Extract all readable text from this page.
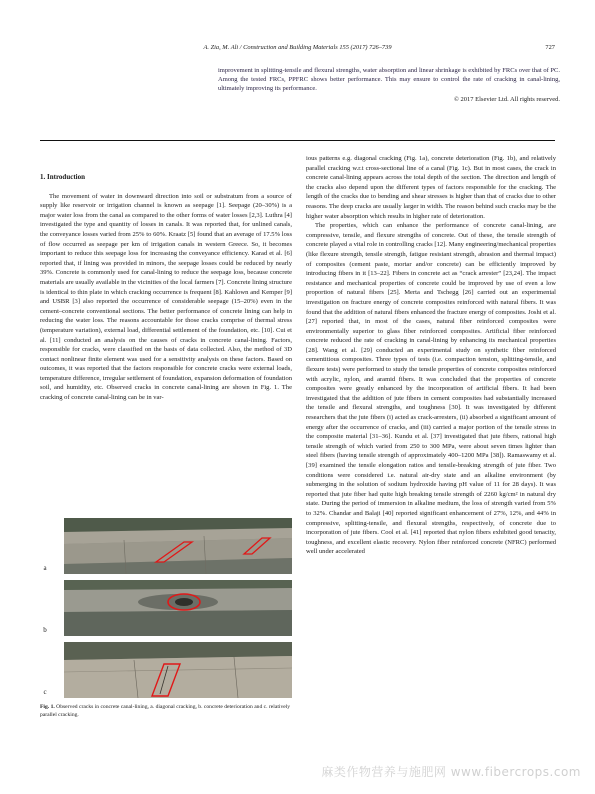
A. Zia, M. Ali / Construction and Building Materials 155 (2017) 726–739	727
improvement in splitting-tensile and flexural strengths, water absorption and linear shrinkage is exhibited by FRCs over that of PC. Among the tested FRCs, PPFRC shows better performance. This may ensure to control the rate of cracking in canal-lining, ultimately improving its performance.
© 2017 Elsevier Ltd. All rights reserved.
1. Introduction

The movement of water in downward direction into soil or substratum from a source of supply like reservoir or irrigation channel is known as seepage [1]. Seepage (20–30%) is a major water loss from the canal as compared to the other forms of water losses [2,3]. Luthra [4] investigated the type and quantity of losses in canals. It was reported that, for unlined canals, the conveyance losses varied from 25% to 60%. Kraatz [5] found that an average of 17.5% loss of flow occurred as seepage per km of irrigation canals in western Greece. So, it becomes important to reduce this seepage loss for increasing the conveyance efficiency. Karad et al. [6] reported that, if lining was provided in minors, the seepage losses could be reduced by nearly 39%. Concrete is commonly used for canal-lining to reduce the seepage loss, because concrete materials are usually available in the vicinities of the local farmers [7]. Concrete lining structure is identical to thin plate in which cracking occurrence is frequent [8]. Kahlown and Kemper [9] and USBR [3] also reported the occurrence of considerable seepage (15–20%) even in the cement–concrete conventional sections. The better performance of concrete lining can help in reducing the water loss. The reasons accountable for those cracks comprise of thermal stress (temperature variation), external load, differential settlement of the foundation, etc. [10]. Cui et al. [11] conducted an analysis on the causes of cracks in concrete canal-lining. Factors, responsible for cracks, were classified on the basis of data collected. Also, the method of 3D contact nonlinear finite element was used for a sensitivity analysis on these factors. Based on outcomes, it was reported that the factors responsible for concrete cracks were external loads, temperature difference, irregular settlement of foundation, expansion deformation of foundation soil, and humidity, etc. Observed cracks in concrete canal-lining are shown in Fig. 1. The cracking of concrete canal-lining can be in var-

ious patterns e.g. diagonal cracking (Fig. 1a), concrete deterioration (Fig. 1b), and relatively parallel cracking w.r.t cross-sectional line of a canal (Fig. 1c). But in most cases, the crack in concrete canal-lining appears across the total depth of the section. The direction and length of the cracks also depend upon the different types of factors responsible for the cracking. The length of the cracks due to bending and shear stresses is higher than that of cracks due to other reasons. The deep cracks are usually larger in width. The reason behind such cracks may be the higher water absorption which results in higher rate of deterioration.

The properties, which can enhance the performance of concrete canal-lining, are compressive, tensile, and flexure strengths of concrete. Out of these, the tensile strength of concrete played a vital role in controlling cracks [12]. Many engineering/mechanical properties (like flexure strength, tensile strength, fatigue resistant strength, abrasion and thermal impact) of composites (cement paste, mortar and/or concrete) can be efficiently improved by introducing fibers in it [13–22]. Fibers in concrete act as “crack arrester” [23,24]. The impact resistance and mechanical properties of concrete could be improved by use of even a low proportion of natural fibers [25]. Merta and Tschegg [26] carried out an experimental investigation on fracture energy of concrete composites reinforced with natural fibers. It was found that the addition of natural fibers enhanced the fracture energy of composites. Joshi et al. [27] reported that, in most of the cases, natural fiber reinforced composites were environmentally superior to glass fiber reinforced composites. Artificial fiber reinforced concrete reduced the rate of cracking in canal-lining by enhancing its mechanical properties [28]. Wang et al. [29] conducted an experimental study on synthetic fiber reinforced cementitious composites. Three types of tests (i.e. compaction tension, splitting-tensile, and flexure tests) were performed to study the tensile properties of concrete composites reinforced with acrylic, nylon, and aramid fibers. It was concluded that the properties of concrete composites were greatly enhanced by the incorporation of artificial fibers. It had been investigated that the addition of jute fibers in cement composites had substantially increased the tensile and flexural strengths, and toughness [30]. It was investigated by different researchers that the jute fibers (i) acted as crack-arresters, (ii) absorbed a significant amount of energy after the occurrence of cracks, and (iii) carried a major portion of the tensile stress in the composite material [31–36]. Kundu et al. [37] investigated that jute fibers, rational high tensile strength of which varied from 250 to 300 MPa, were about seven times lighter than steel fibers (having tensile strength of approximately 400–1200 MPa [38]). Ramaswamy et al. [39] examined the tensile elongation ratios and tensile-breaking strength of jute fiber. Two conditions were considered i.e. natural air-dry state and an alkaline environment (by submerging in the solution of sodium hydroxide having pH value of 11 for 28 days). It was reported that jute fiber had quite high breaking tensile strength of 2260 kg/cm² in natural dry state. During the period of immersion in alkaline medium, the loss of strength varied from 5% to 32%. Chandar and Balaji [40] reported significant enhancement of 27%, 12%, and 44% in compressive, splitting-tensile, and flexural strengths, respectively, of concrete due to incorporation of jute fibers. Cool et al. [41] reported that nylon fibers exhibited good tenacity, toughness, and excellent elastic recovery. Nylon fiber reinforced concrete (NFRC) performed well under accelerated

a
b
c
Fig. 1. Observed cracks in concrete canal-lining, a. diagonal cracking, b. concrete deterioration and c. relatively parallel cracking.
麻类作物营养与施肥网 www.fibercrops.com
